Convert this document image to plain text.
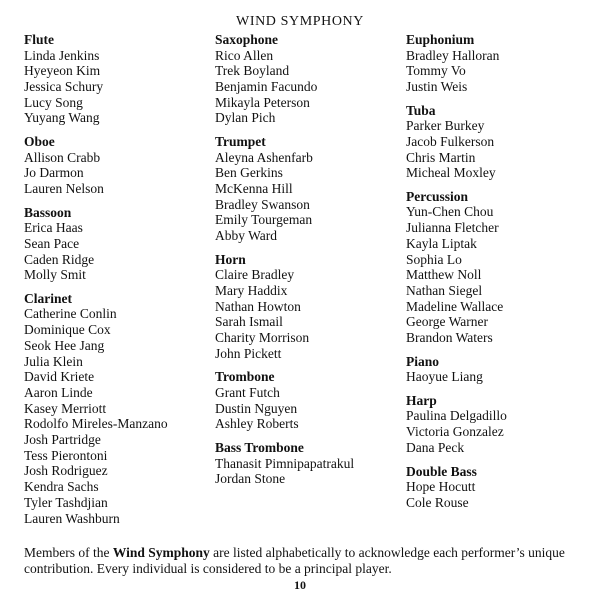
WIND SYMPHONY
Flute
Linda Jenkins
Hyeyeon Kim
Jessica Schury
Lucy Song
Yuyang Wang
Oboe
Allison Crabb
Jo Darmon
Lauren Nelson
Bassoon
Erica Haas
Sean Pace
Caden Ridge
Molly Smit
Clarinet
Catherine Conlin
Dominique Cox
Seok Hee Jang
Julia Klein
David Kriete
Aaron Linde
Kasey Merriott
Rodolfo Mireles-Manzano
Josh Partridge
Tess Pierontoni
Josh Rodriguez
Kendra Sachs
Tyler Tashdjian
Lauren Washburn
Saxophone
Rico Allen
Trek Boyland
Benjamin Facundo
Mikayla Peterson
Dylan Pich
Trumpet
Aleyna Ashenfarb
Ben Gerkins
McKenna Hill
Bradley Swanson
Emily Tourgeman
Abby Ward
Horn
Claire Bradley
Mary Haddix
Nathan Howton
Sarah Ismail
Charity Morrison
John Pickett
Trombone
Grant Futch
Dustin Nguyen
Ashley Roberts
Bass Trombone
Thanasit Pimnipapatrakul
Jordan Stone
Euphonium
Bradley Halloran
Tommy Vo
Justin Weis
Tuba
Parker Burkey
Jacob Fulkerson
Chris Martin
Micheal Moxley
Percussion
Yun-Chen Chou
Julianna Fletcher
Kayla Liptak
Sophia Lo
Matthew Noll
Nathan Siegel
Madeline Wallace
George Warner
Brandon Waters
Piano
Haoyue Liang
Harp
Paulina Delgadillo
Victoria Gonzalez
Dana Peck
Double Bass
Hope Hocutt
Cole Rouse

Members of the Wind Symphony are listed alphabetically to acknowledge each performer’s unique contribution. Every individual is considered to be a principal player.

10
